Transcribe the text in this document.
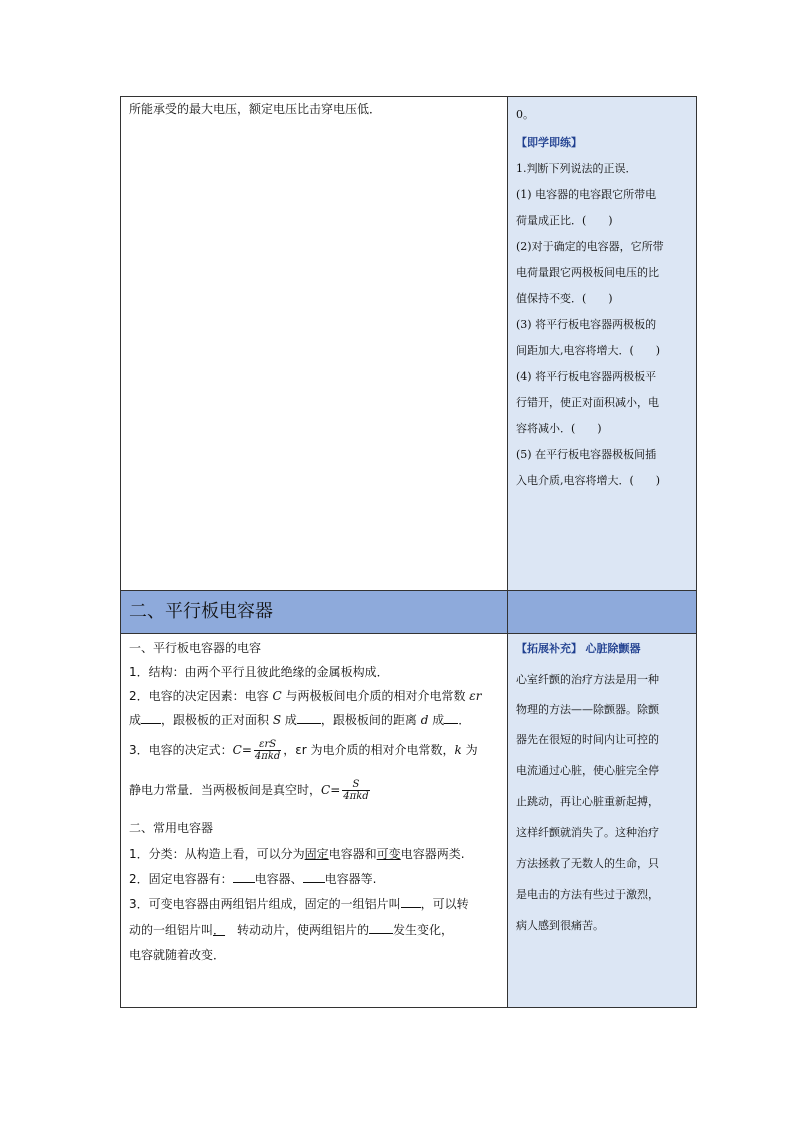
所能承受的最大电压，额定电压比击穿电压低．	0。
【即学即练】
1.判断下列说法的正误．
(1) 电容器的电容跟它所带电
荷量成正比．(　　)
(2)对于确定的电容器，它所带
电荷量跟它两极板间电压的比
值保持不变．(　　)
(3) 将平行板电容器两极板的
间距加大,电容将增大．(　　)
(4) 将平行板电容器两极板平
行错开，使正对面积减小，电
容将减小．(　　)
(5) 在平行板电容器极板间插
入电介质,电容将增大．(　　)
二、平行板电容器
一、平行板电容器的电容
1．结构：由两个平行且彼此绝缘的金属板构成．
2．电容的决定因素：电容 C 与两极板间电介质的相对介电常数 εr
成 ，跟极板的正对面积 S 成 ，跟极板间的距离 d 成 ．
3．电容的决定式：$C= \frac{\text{εrS}}{\text{4πkd}}$ ，εr 为电介质的相对介电常数，k 为
静电力常量．当两极板间是真空时，$C= \frac{S}{\text{4πkd}}$
二、常用电容器
1．分类：从构造上看，可以分为固定电容器和可变电容器两类.
2．固定电容器有： 电容器、 电容器等.
3．可变电容器由两组铝片组成，固定的一组铝片叫 ，可以转
动的一组铝片叫． 转动动片，使两组铝片的 发生变化，
电容就随着改变．
【拓展补充】 心脏除颤器
心室纤颤的治疗方法是用一种
物理的方法——除颤器。除颤
器先在很短的时间内让可控的
电流通过心脏，使心脏完全停
止跳动，再让心脏重新起搏，
这样纤颤就消失了。这种治疗
方法拯救了无数人的生命，只
是电击的方法有些过于激烈，
病人感到很痛苦。
